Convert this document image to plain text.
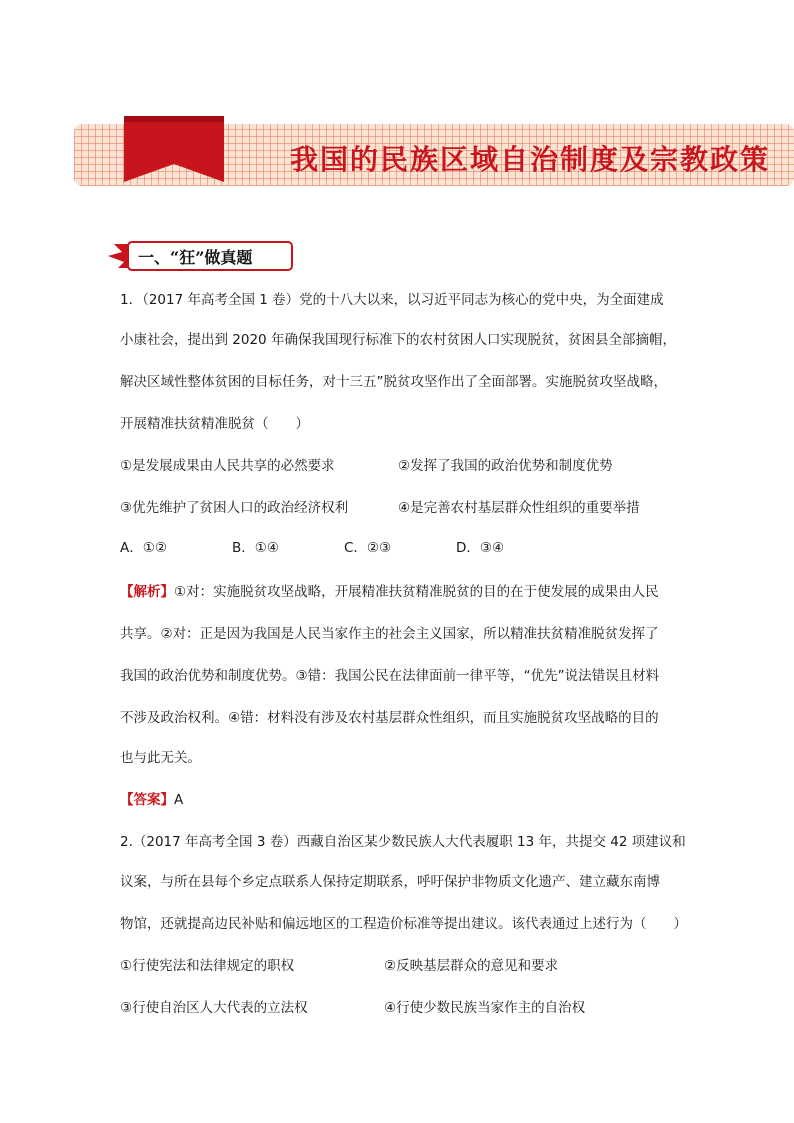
我国的民族区域自治制度及宗教政策
一、“狂”做真题
1．（2017 年高考全国 1 卷）党的十八大以来，以习近平同志为核心的党中央，为全面建成
小康社会，提出到 2020 年确保我国现行标准下的农村贫困人口实现脱贫，贫困县全部摘帽，
解决区域性整体贫困的目标任务，对十三五”脱贫攻坚作出了全面部署。实施脱贫攻坚战略，
开展精准扶贫精准脱贫（　　）
①是发展成果由人民共享的必然要求	②发挥了我国的政治优势和制度优势
③优先维护了贫困人口的政治经济权利	④是完善农村基层群众性组织的重要举措
A．①②	B．①④	C．②③	D．③④
【解析】①对：实施脱贫攻坚战略，开展精准扶贫精准脱贫的目的在于使发展的成果由人民
共享。②对：正是因为我国是人民当家作主的社会主义国家，所以精准扶贫精准脱贫发挥了
我国的政治优势和制度优势。③错：我国公民在法律面前一律平等，“优先”说法错误且材料
不涉及政治权利。④错：材料没有涉及农村基层群众性组织，而且实施脱贫攻坚战略的目的
也与此无关。
【答案】A
2.（2017 年高考全国 3 卷）西藏自治区某少数民族人大代表履职 13 年，共提交 42 项建议和
议案，与所在县每个乡定点联系人保持定期联系，呼吁保护非物质文化遗产、建立藏东南博
物馆，还就提高边民补贴和偏远地区的工程造价标准等提出建议。该代表通过上述行为（　　）
①行使宪法和法律规定的职权	②反映基层群众的意见和要求
③行使自治区人大代表的立法权	④行使少数民族当家作主的自治权
